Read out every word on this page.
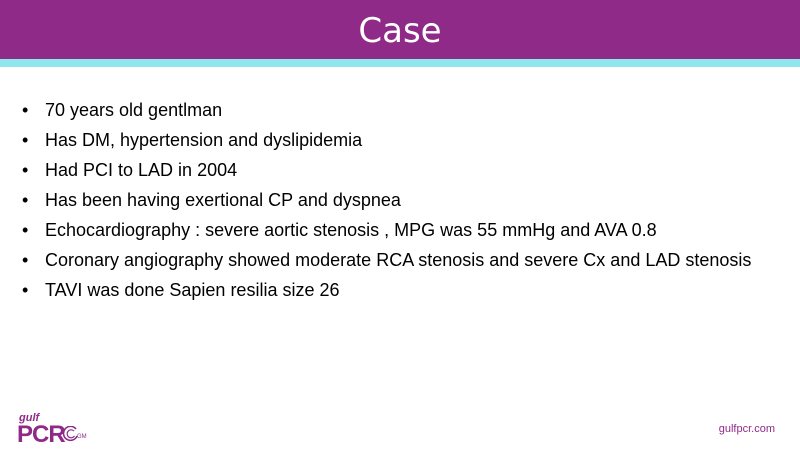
Case
• 70 years old gentlman
• Has DM, hypertension and dyslipidemia
• Had PCI to LAD in 2004
• Has been having exertional CP and dyspnea
• Echocardiography : severe aortic stenosis , MPG was 55 mmHg and AVA 0.8
• Coronary angiography showed moderate RCA stenosis and severe Cx and LAD stenosis
• TAVI was done Sapien resilia size 26
gulf
PCR GM
gulfpcr.com
